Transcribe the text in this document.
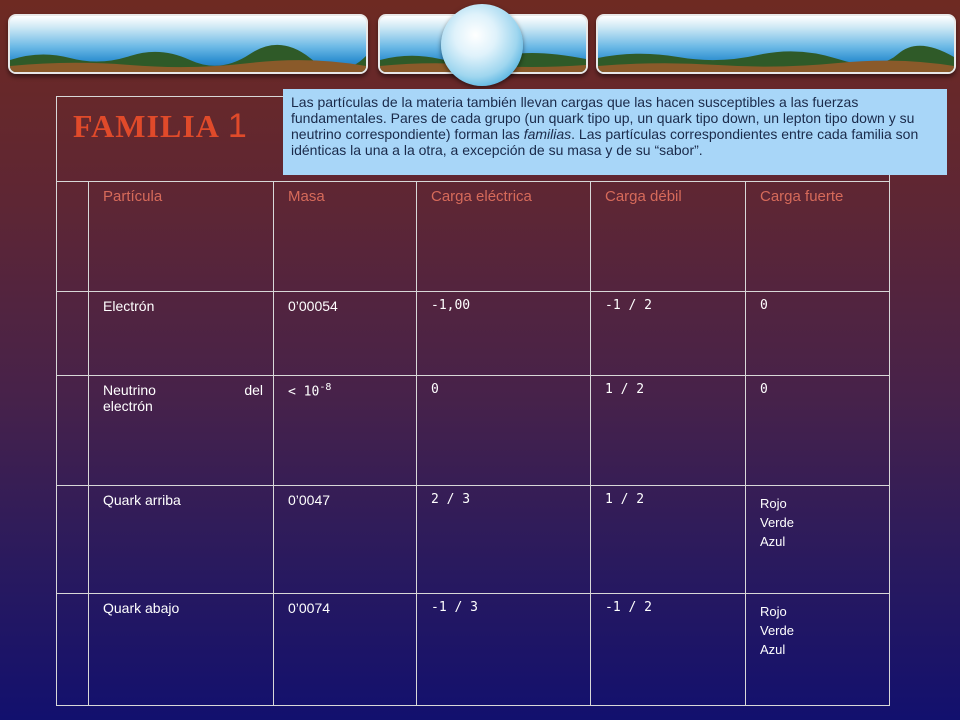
FAMILIA 1					
	Partícula	Masa	Carga eléctrica	Carga débil	Carga fuerte
	Electrón	0’00054	-1,00	-1 / 2	0

	Neutrino del
electrón	< $10^{-8}$	0	1 / 2	0
	Quark arriba	0’0047	2 / 3	1 / 2	Rojo
Verde
Azul

	Quark abajo	0’0074	-1 / 3	-1 / 2	Rojo
Verde
Azul
Las partículas de la materia también llevan cargas que las hacen susceptibles a las fuerzas fundamentales. Pares de cada grupo (un quark tipo up, un quark tipo down, un lepton tipo down y su neutrino correspondiente) forman las familias. Las partículas correspondientes entre cada familia son idénticas la una a la otra, a excepción de su masa y de su “sabor”.
